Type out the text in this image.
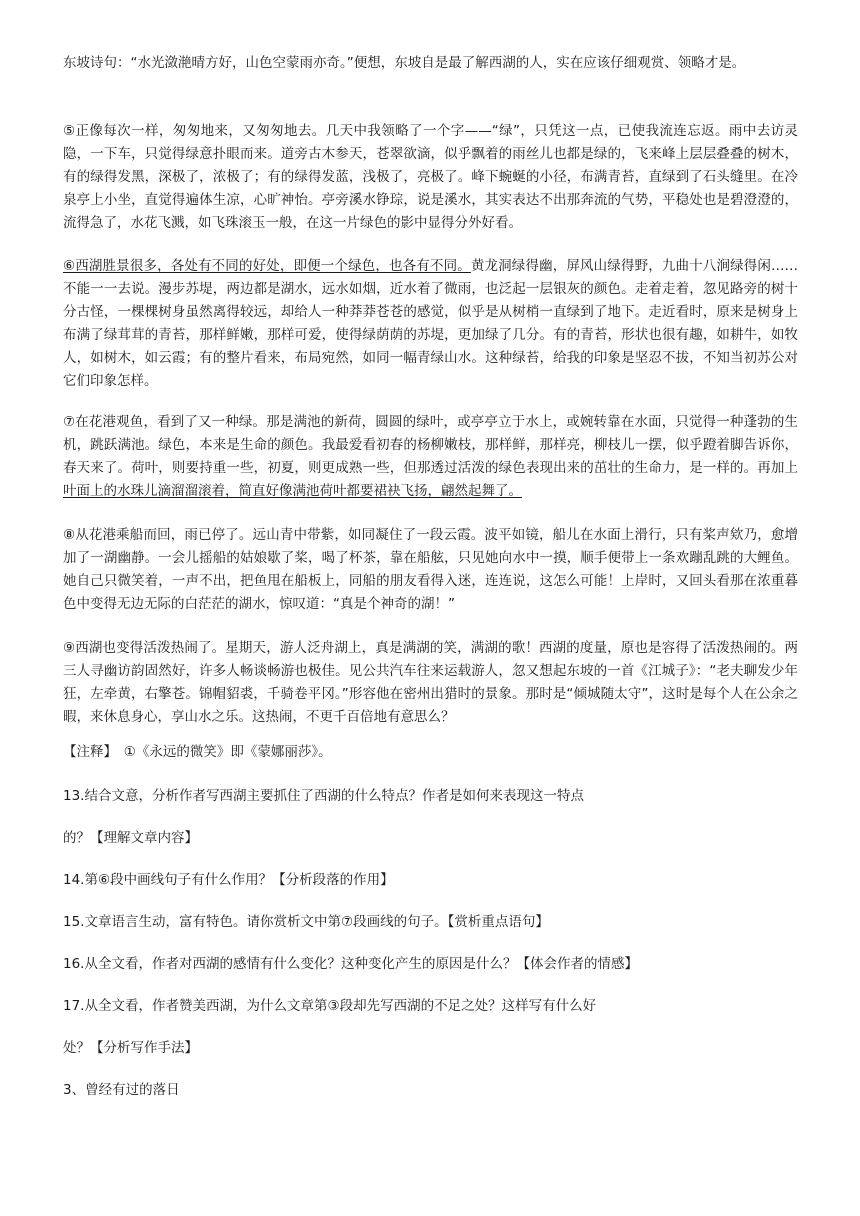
东坡诗句：“水光潋滟晴方好，山色空蒙雨亦奇。”便想，东坡自是最了解西湖的人，实在应该仔细观赏、领略才是。

⑤正像每次一样，匆匆地来，又匆匆地去。几天中我领略了一个字——“绿”，只凭这一点，已使我流连忘返。雨中去访灵隐，一下车，只觉得绿意扑眼而来。道旁古木参天，苍翠欲滴，似乎飘着的雨丝儿也都是绿的，飞来峰上层层叠叠的树木，有的绿得发黑，深极了，浓极了；有的绿得发蓝，浅极了，亮极了。峰下蜿蜒的小径，布满青苔，直绿到了石头缝里。在冷泉亭上小坐，直觉得遍体生凉，心旷神怡。亭旁溪水铮琮，说是溪水，其实表达不出那奔流的气势，平稳处也是碧澄澄的，流得急了，水花飞溅，如飞珠滚玉一般，在这一片绿色的影中显得分外好看。

⑥西湖胜景很多，各处有不同的好处，即便一个绿色，也各有不同。黄龙洞绿得幽，屏风山绿得野，九曲十八涧绿得闲……不能一一去说。漫步苏堤，两边都是湖水，远水如烟，近水着了微雨，也泛起一层银灰的颜色。走着走着，忽见路旁的树十分古怪，一棵棵树身虽然离得较远，却给人一种莽莽苍苍的感觉，似乎是从树梢一直绿到了地下。走近看时，原来是树身上布满了绿茸茸的青苔，那样鲜嫩，那样可爱，使得绿荫荫的苏堤，更加绿了几分。有的青苔，形状也很有趣，如耕牛，如牧人，如树木，如云霞；有的整片看来，布局宛然，如同一幅青绿山水。这种绿苔，给我的印象是坚忍不拔，不知当初苏公对它们印象怎样。

⑦在花港观鱼，看到了又一种绿。那是满池的新荷，圆圆的绿叶，或亭亭立于水上，或婉转靠在水面，只觉得一种蓬勃的生机，跳跃满池。绿色，本来是生命的颜色。我最爱看初春的杨柳嫩枝，那样鲜，那样亮，柳枝儿一摆，似乎蹬着脚告诉你，春天来了。荷叶，则要持重一些，初夏，则更成熟一些，但那透过活泼的绿色表现出来的茁壮的生命力，是一样的。再加上叶面上的水珠儿滴溜溜滚着，简直好像满池荷叶都要裙袂飞扬，翩然起舞了。

⑧从花港乘船而回，雨已停了。远山青中带紫，如同凝住了一段云霞。波平如镜，船儿在水面上滑行，只有桨声欸乃，愈增加了一湖幽静。一会儿摇船的姑娘歇了桨，喝了杯茶，靠在船舷，只见她向水中一摸，顺手便带上一条欢蹦乱跳的大鲤鱼。她自己只微笑着，一声不出，把鱼甩在船板上，同船的朋友看得入迷，连连说，这怎么可能！上岸时，又回头看那在浓重暮色中变得无边无际的白茫茫的湖水，惊叹道：“真是个神奇的湖！”

⑨西湖也变得活泼热闹了。星期天，游人泛舟湖上，真是满湖的笑，满湖的歌！西湖的度量，原也是容得了活泼热闹的。两三人寻幽访韵固然好，许多人畅谈畅游也极佳。见公共汽车往来运载游人，忽又想起东坡的一首《江城子》：“老夫聊发少年狂，左牵黄，右擎苍。锦帽貂裘，千骑卷平冈。”形容他在密州出猎时的景象。那时是“倾城随太守”，这时是每个人在公余之暇，来休息身心，享山水之乐。这热闹，不更千百倍地有意思么？

【注释】　①《永远的微笑》即《蒙娜丽莎》。

13.结合文意，分析作者写西湖主要抓住了西湖的什么特点？作者是如何来表现这一特点

的？【理解文章内容】

14.第⑥段中画线句子有什么作用？【分析段落的作用】

15.文章语言生动，富有特色。请你赏析文中第⑦段画线的句子。【赏析重点语句】

16.从全文看，作者对西湖的感情有什么变化？这种变化产生的原因是什么？【体会作者的情感】

17.从全文看，作者赞美西湖，为什么文章第③段却先写西湖的不足之处？这样写有什么好

处？【分析写作手法】

3、曾经有过的落日
